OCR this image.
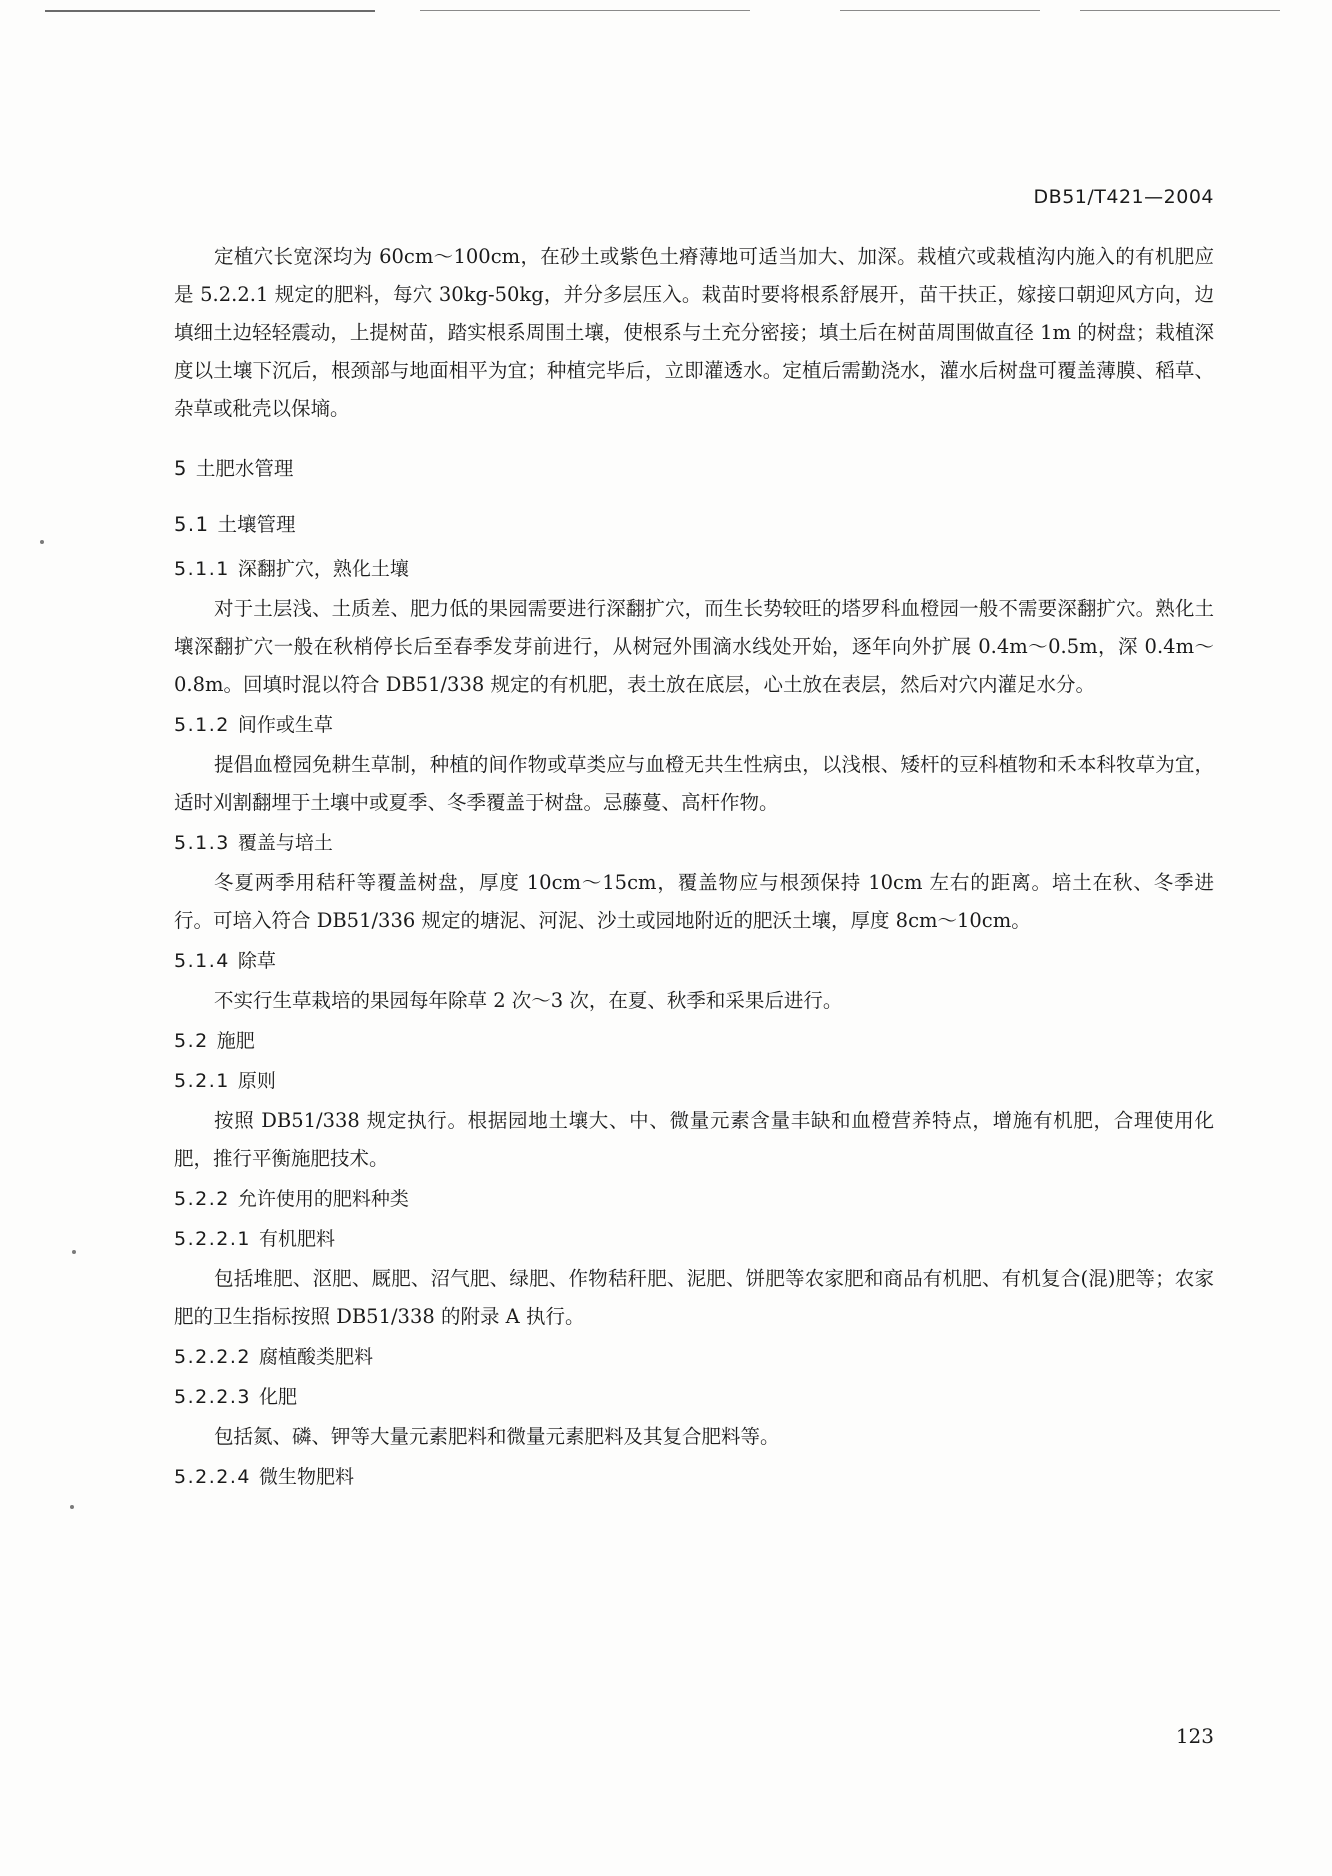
DB51/T421—2004

定植穴长宽深均为 60cm～100cm，在砂土或紫色土瘠薄地可适当加大、加深。栽植穴或栽植沟内施入的有机肥应是 5.2.2.1 规定的肥料，每穴 30kg-50kg，并分多层压入。栽苗时要将根系舒展开，苗干扶正，嫁接口朝迎风方向，边填细土边轻轻震动，上提树苗，踏实根系周围土壤，使根系与土充分密接；填土后在树苗周围做直径 1m 的树盘；栽植深度以土壤下沉后，根颈部与地面相平为宜；种植完毕后，立即灌透水。定植后需勤浇水，灌水后树盘可覆盖薄膜、稻草、杂草或秕壳以保墒。

5 土肥水管理
5.1 土壤管理
5.1.1 深翻扩穴，熟化土壤

对于土层浅、土质差、肥力低的果园需要进行深翻扩穴，而生长势较旺的塔罗科血橙园一般不需要深翻扩穴。熟化土壤深翻扩穴一般在秋梢停长后至春季发芽前进行，从树冠外围滴水线处开始，逐年向外扩展 0.4m～0.5m，深 0.4m～0.8m。回填时混以符合 DB51/338 规定的有机肥，表土放在底层，心土放在表层，然后对穴内灌足水分。

5.1.2 间作或生草

提倡血橙园免耕生草制，种植的间作物或草类应与血橙无共生性病虫，以浅根、矮杆的豆科植物和禾本科牧草为宜，适时刈割翻埋于土壤中或夏季、冬季覆盖于树盘。忌藤蔓、高杆作物。

5.1.3 覆盖与培土

冬夏两季用秸秆等覆盖树盘，厚度 10cm～15cm，覆盖物应与根颈保持 10cm 左右的距离。培土在秋、冬季进行。可培入符合 DB51/336 规定的塘泥、河泥、沙土或园地附近的肥沃土壤，厚度 8cm～10cm。

5.1.4 除草

不实行生草栽培的果园每年除草 2 次～3 次，在夏、秋季和采果后进行。

5.2 施肥
5.2.1 原则

按照 DB51/338 规定执行。根据园地土壤大、中、微量元素含量丰缺和血橙营养特点，增施有机肥，合理使用化肥，推行平衡施肥技术。

5.2.2 允许使用的肥料种类
5.2.2.1 有机肥料

包括堆肥、沤肥、厩肥、沼气肥、绿肥、作物秸秆肥、泥肥、饼肥等农家肥和商品有机肥、有机复合(混)肥等；农家肥的卫生指标按照 DB51/338 的附录 A 执行。

5.2.2.2 腐植酸类肥料
5.2.2.3 化肥

包括氮、磷、钾等大量元素肥料和微量元素肥料及其复合肥料等。

5.2.2.4 微生物肥料
123
